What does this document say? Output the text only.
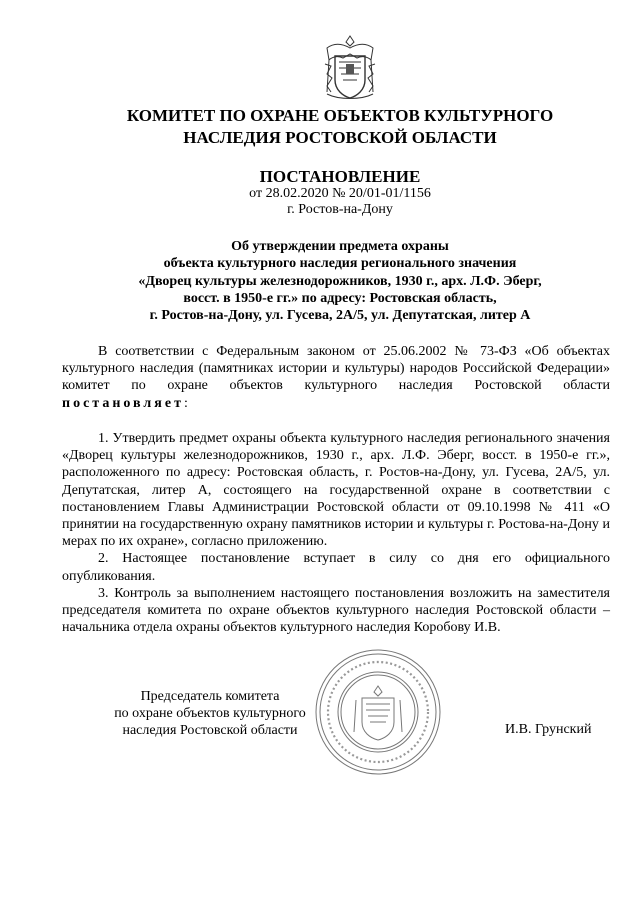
КОМИТЕТ ПО ОХРАНЕ ОБЪЕКТОВ КУЛЬТУРНОГО
НАСЛЕДИЯ РОСТОВСКОЙ ОБЛАСТИ
ПОСТАНОВЛЕНИЕ
от 28.02.2020 № 20/01-01/1156
г. Ростов-на-Дону
Об утверждении предмета охраны
объекта культурного наследия регионального значения
«Дворец культуры железнодорожников, 1930 г., арх. Л.Ф. Эберг,
восст. в 1950-е гг.» по адресу: Ростовская область,
г. Ростов-на-Дону, ул. Гусева, 2А/5, ул. Депутатская, литер А

В соответствии с Федеральным законом от 25.06.2002 № 73-ФЗ «Об объектах культурного наследия (памятниках истории и культуры) народов Российской Федерации» комитет по охране объектов культурного наследия Ростовской области постановляет:

1. Утвердить предмет охраны объекта культурного наследия регионального значения «Дворец культуры железнодорожников, 1930 г., арх. Л.Ф. Эберг, восст. в 1950-е гг.», расположенного по адресу: Ростовская область, г. Ростов-на-Дону, ул. Гусева, 2А/5, ул. Депутатская, литер А, состоящего на государственной охране в соответствии с постановлением Главы Администрации Ростовской области от 09.10.1998 № 411 «О принятии на государственную охрану памятников истории и культуры г. Ростова-на-Дону и мерах по их охране», согласно приложению.

2. Настоящее постановление вступает в силу со дня его официального опубликования.

3. Контроль за выполнением настоящего постановления возложить на заместителя председателя комитета по охране объектов культурного наследия Ростовской области – начальника отдела охраны объектов культурного наследия Коробову И.В.

Председатель комитета
по охране объектов культурного
наследия Ростовской области	И.В. Грунский
